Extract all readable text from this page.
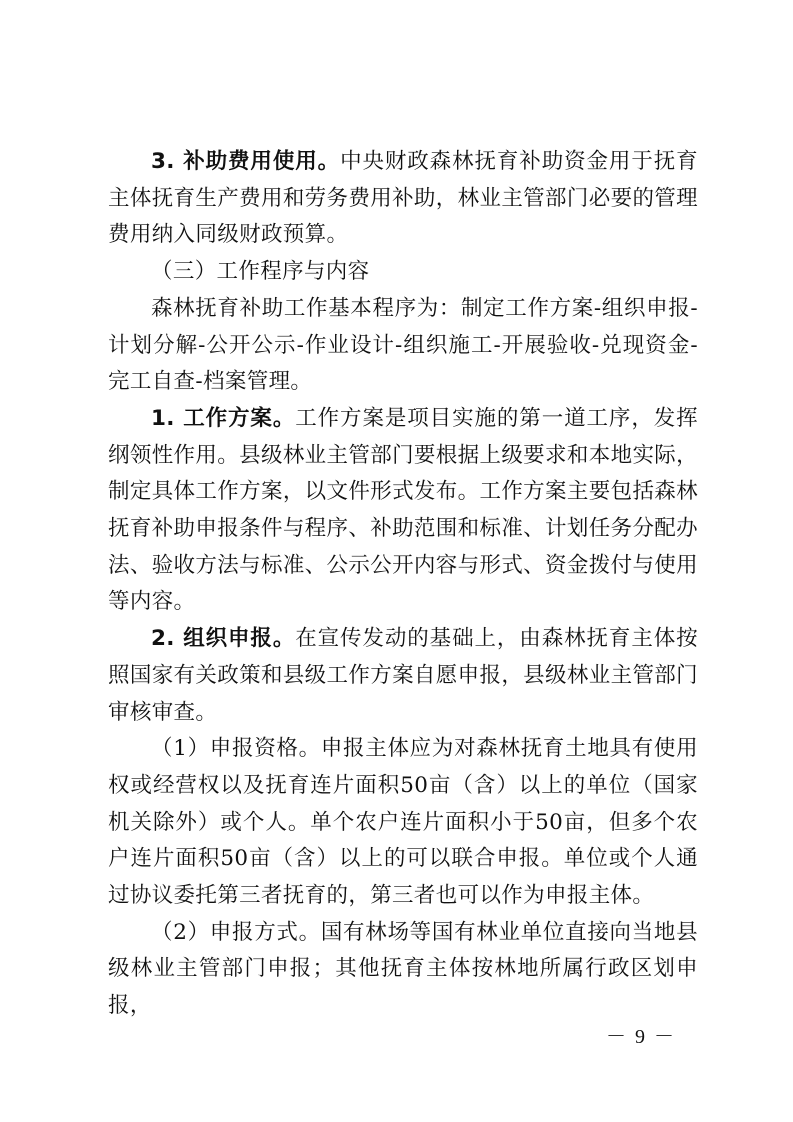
3. 补助费用使用。中央财政森林抚育补助资金用于抚育主体抚育生产费用和劳务费用补助，林业主管部门必要的管理费用纳入同级财政预算。

（三）工作程序与内容

森林抚育补助工作基本程序为：制定工作方案-组织申报-计划分解-公开公示-作业设计-组织施工-开展验收-兑现资金-完工自查-档案管理。

1. 工作方案。工作方案是项目实施的第一道工序，发挥纲领性作用。县级林业主管部门要根据上级要求和本地实际，制定具体工作方案，以文件形式发布。工作方案主要包括森林抚育补助申报条件与程序、补助范围和标准、计划任务分配办法、验收方法与标准、公示公开内容与形式、资金拨付与使用等内容。

2. 组织申报。在宣传发动的基础上，由森林抚育主体按照国家有关政策和县级工作方案自愿申报，县级林业主管部门审核审查。

（1）申报资格。申报主体应为对森林抚育土地具有使用权或经营权以及抚育连片面积50亩（含）以上的单位（国家机关除外）或个人。单个农户连片面积小于50亩，但多个农户连片面积50亩（含）以上的可以联合申报。单位或个人通过协议委托第三者抚育的，第三者也可以作为申报主体。

（2）申报方式。国有林场等国有林业单位直接向当地县级林业主管部门申报；其他抚育主体按林地所属行政区划申报，

－ 9 －
